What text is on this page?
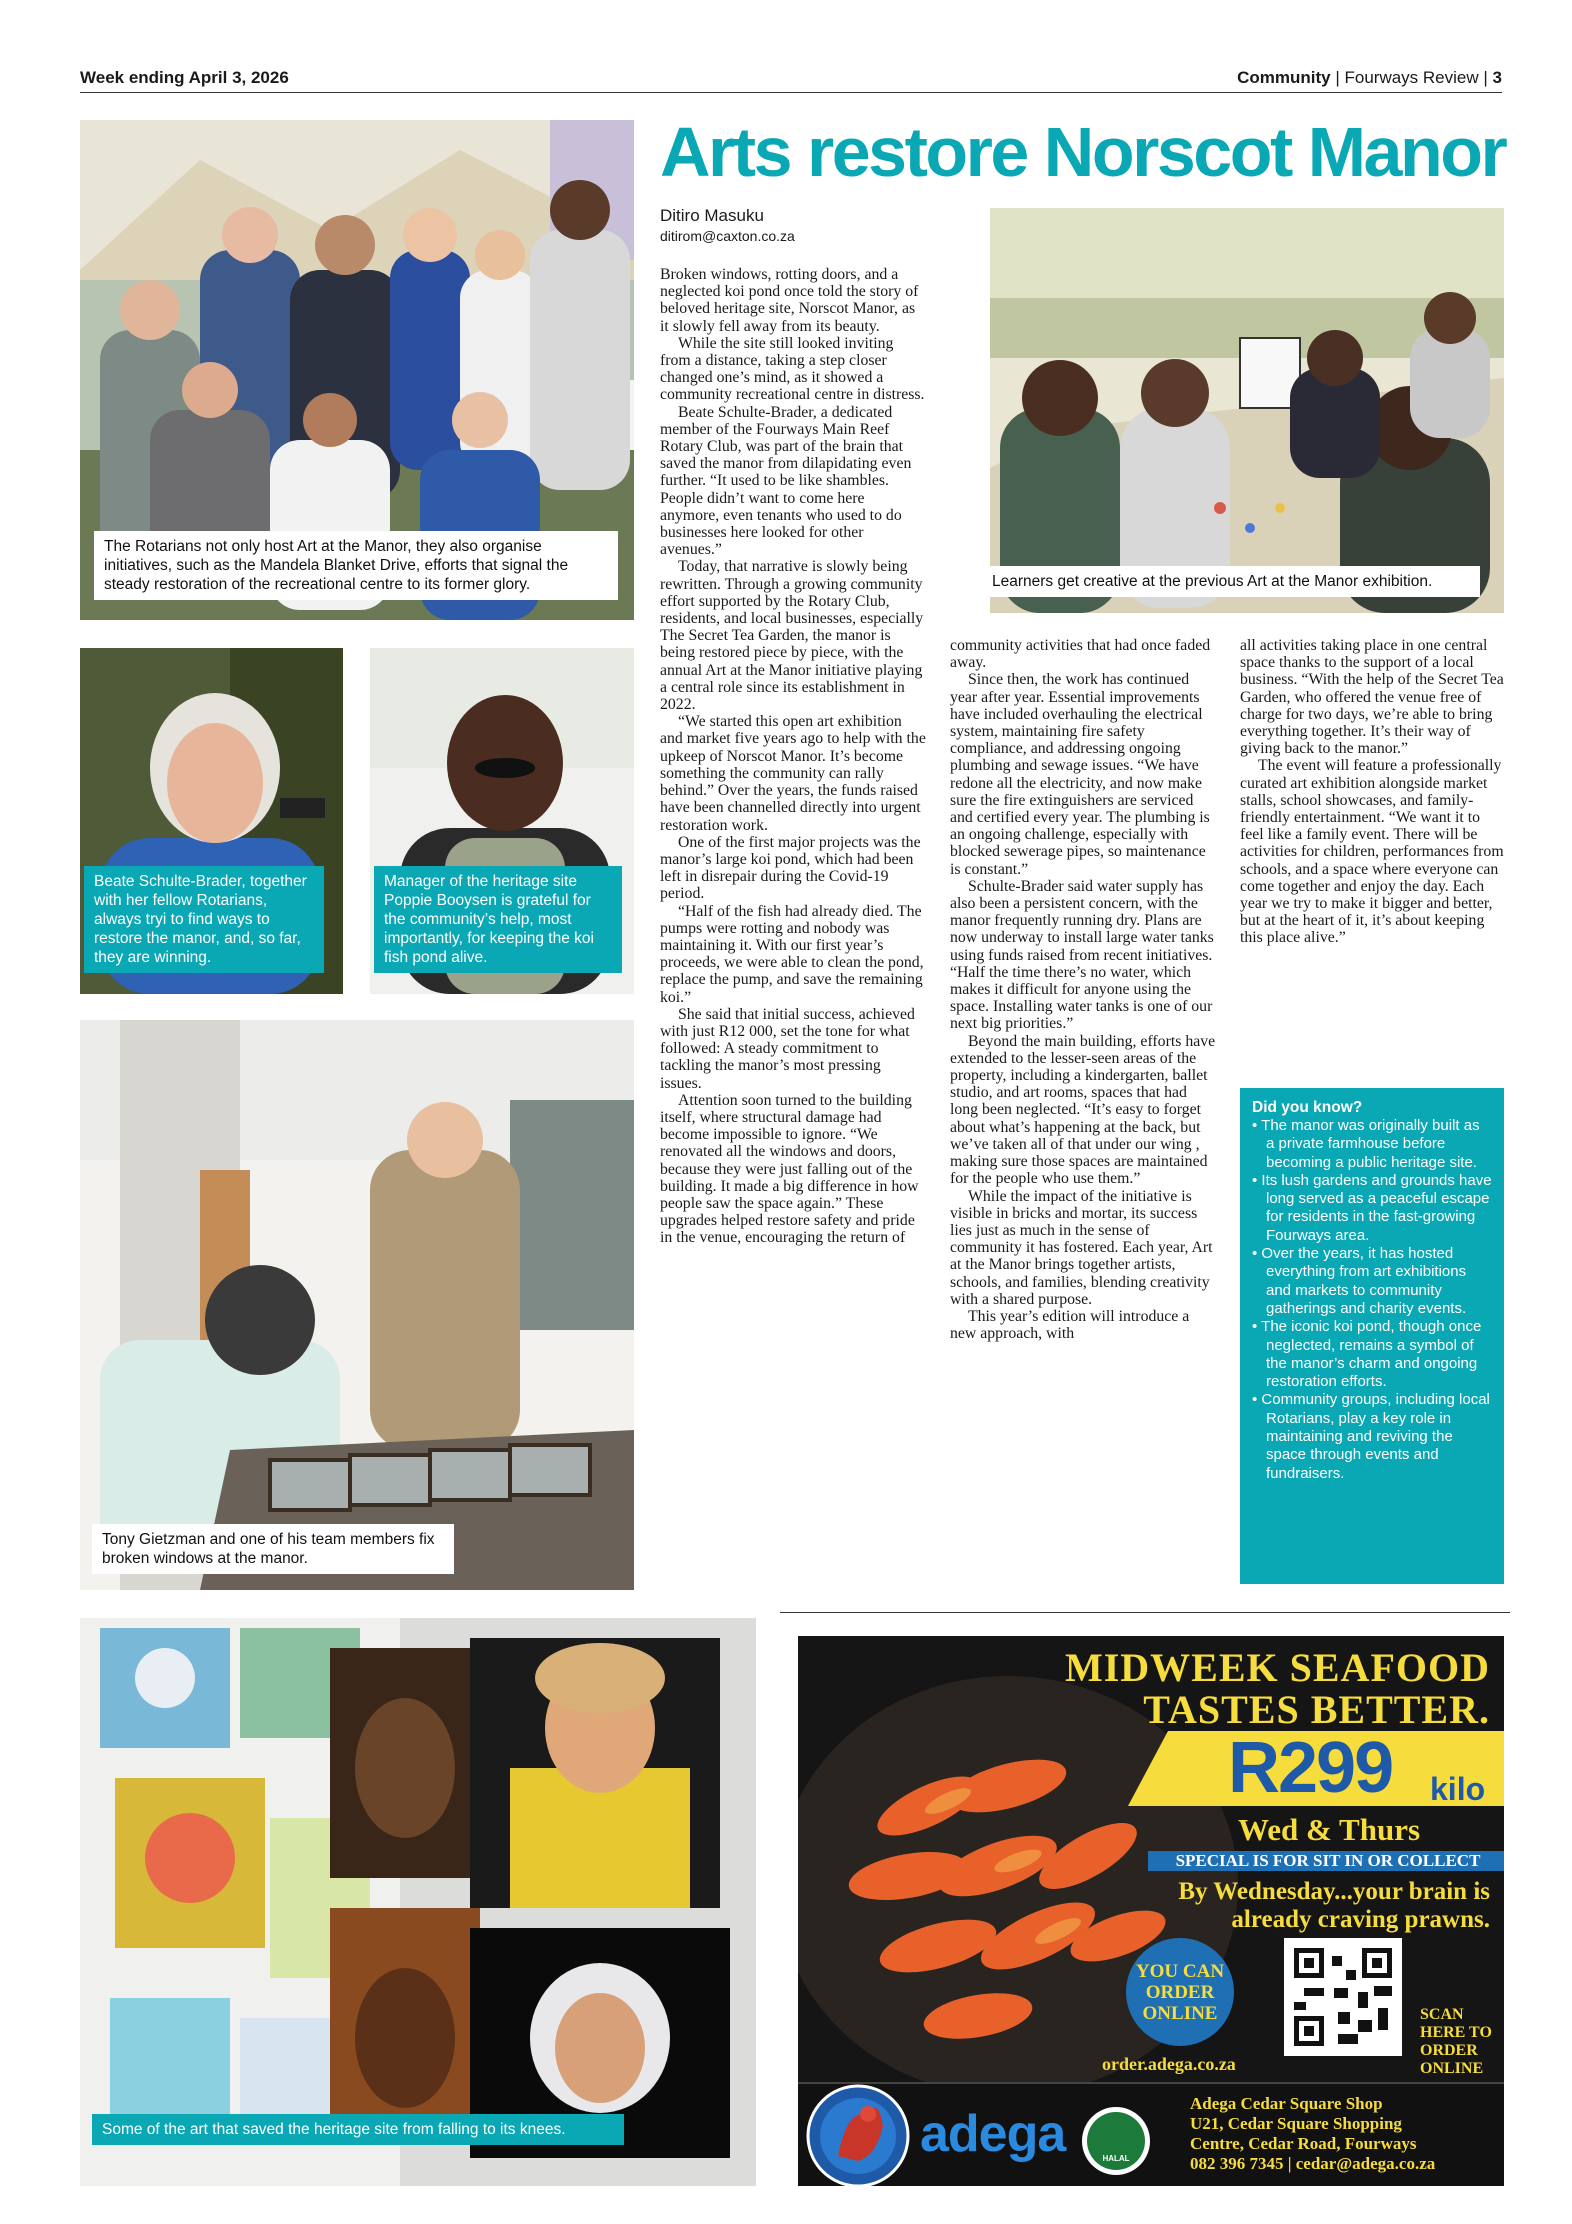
Week ending April 3, 2026	Community | Fourways Review | 3
The Rotarians not only host Art at the Manor, they also organise initiatives, such as the Mandela Blanket Drive, efforts that signal the steady restoration of the recreational centre to its former glory.	Learners get creative at the previous Art at the Manor exhibition.
Beate Schulte-Brader, together with her fellow Rotarians, always tryi to find ways to restore the manor, and, so far, they are winning.
Manager of the heritage site Poppie Booysen is grateful for the community’s help, most importantly, for keeping the koi fish pond alive.
Tony Gietzman and one of his team members fix broken windows at the manor.
Some of the art that saved the heritage site from falling to its knees.
Arts restore Norscot Manor
Ditiro Masuku
ditirom@caxton.co.za

Broken windows, rotting doors, and a neglected koi pond once told the story of beloved heritage site, Norscot Manor, as it slowly fell away from its beauty.

While the site still looked inviting from a distance, taking a step closer changed one’s mind, as it showed a community recreational centre in distress.

Beate Schulte-Brader, a dedicated member of the Fourways Main Reef Rotary Club, was part of the brain that saved the manor from dilapidating even further. “It used to be like shambles. People didn’t want to come here anymore, even tenants who used to do businesses here looked for other avenues.”

Today, that narrative is slowly being rewritten. Through a growing community effort supported by the Rotary Club, residents, and local businesses, especially The Secret Tea Garden, the manor is being restored piece by piece, with the annual Art at the Manor initiative playing a central role since its establishment in 2022.

“We started this open art exhibition and market five years ago to help with the upkeep of Norscot Manor. It’s become something the community can rally behind.” Over the years, the funds raised have been channelled directly into urgent restoration work.

One of the first major projects was the manor’s large koi pond, which had been left in disrepair during the Covid-19 period.

“Half of the fish had already died. The pumps were rotting and nobody was maintaining it. With our first year’s proceeds, we were able to clean the pond, replace the pump, and save the remaining koi.”

She said that initial success, achieved with just R12 000, set the tone for what followed: A steady commitment to tackling the manor’s most pressing issues.

Attention soon turned to the building itself, where structural damage had become impossible to ignore. “We renovated all the windows and doors, because they were just falling out of the building. It made a big difference in how people saw the space again.” These upgrades helped restore safety and pride in the venue, encouraging the return of

community activities that had once faded away.

Since then, the work has continued year after year. Essential improvements have included overhauling the electrical system, maintaining fire safety compliance, and addressing ongoing plumbing and sewage issues. “We have redone all the electricity, and now make sure the fire extinguishers are serviced and certified every year. The plumbing is an ongoing challenge, especially with blocked sewerage pipes, so maintenance is constant.”

Schulte-Brader said water supply has also been a persistent concern, with the manor frequently running dry. Plans are now underway to install large water tanks using funds raised from recent initiatives. “Half the time there’s no water, which makes it difficult for anyone using the space. Installing water tanks is one of our next big priorities.”

Beyond the main building, efforts have extended to the lesser-seen areas of the property, including a kindergarten, ballet studio, and art rooms, spaces that had long been neglected. “It’s easy to forget about what’s happening at the back, but we’ve taken all of that under our wing , making sure those spaces are maintained for the people who use them.”

While the impact of the initiative is visible in bricks and mortar, its success lies just as much in the sense of community it has fostered. Each year, Art at the Manor brings together artists, schools, and families, blending creativity with a shared purpose.

This year’s edition will introduce a new approach, with

all activities taking place in one central space thanks to the support of a local business. “With the help of the Secret Tea Garden, who offered the venue free of charge for two days, we’re able to bring everything together. It’s their way of giving back to the manor.”

The event will feature a professionally curated art exhibition alongside market stalls, school showcases, and family-friendly entertainment. “We want it to feel like a family event. There will be activities for children, performances from schools, and a space where everyone can come together and enjoy the day. Each year we try to make it bigger and better, but at the heart of it, it’s about keeping this place alive.”

Did you know?
• The manor was originally built as a private farmhouse before becoming a public heritage site.
• Its lush gardens and grounds have long served as a peaceful escape for residents in the fast-growing Fourways area.
• Over the years, it has hosted everything from art exhibitions and markets to community gatherings and charity events.
• The iconic koi pond, though once neglected, remains a symbol of the manor’s charm and ongoing restoration efforts.
• Community groups, including local Rotarians, play a key role in maintaining and reviving the space through events and fundraisers.
MIDWEEK SEAFOOD
TASTES BETTER.
R299 kilo
Wed & Thurs
SPECIAL IS FOR SIT IN OR COLLECT
By Wednesday...your brain is
already craving prawns.
YOU CAN ORDER ONLINE
order.adega.co.za
SCAN HERE TO ORDER ONLINE
adega	HALAL
Adega Cedar Square Shop
U21, Cedar Square Shopping
Centre, Cedar Road, Fourways
082 396 7345 | cedar@adega.co.za
